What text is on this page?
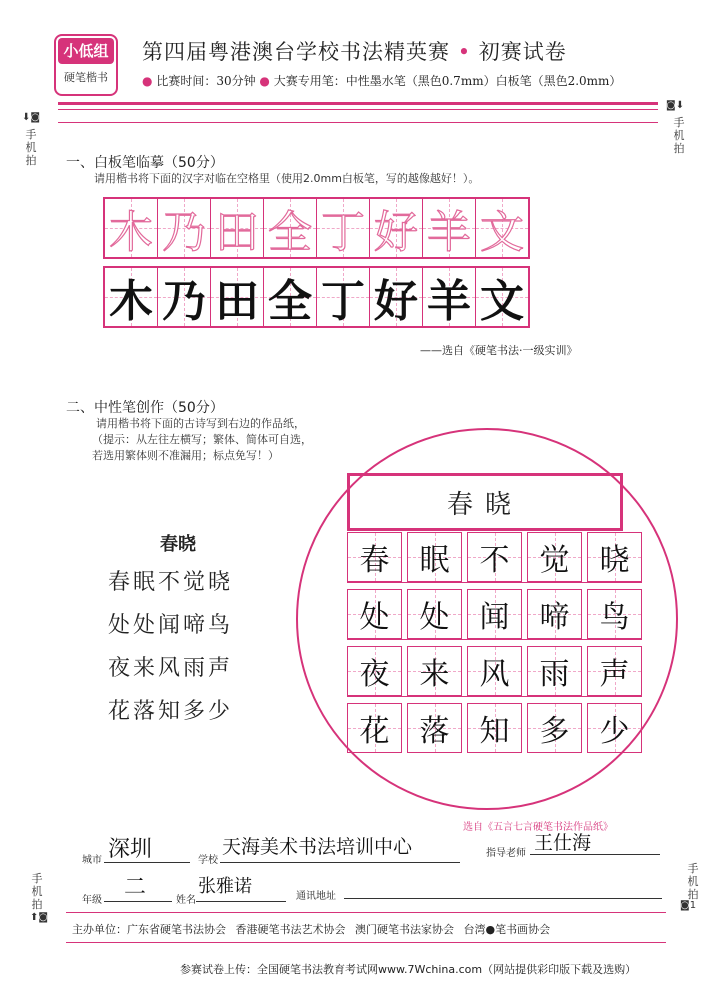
小低组
硬笔楷书
第四届粤港澳台学校书法精英赛 • 初赛试卷
● 比赛时间：30分钟 ● 大赛专用笔：中性墨水笔（黑色0.7mm）白板笔（黑色2.0mm）
⬇◙
手机拍
◙⬇
手机拍
手机拍
⬆◙
手机拍
◙1
一、白板笔临摹（50分）
请用楷书将下面的汉字对临在空格里（使用2.0mm白板笔，写的越像越好！）。
木 乃 田 全 丁 好 羊 文
木 乃 田 全 丁 好 羊 文
——选自《硬笔书法·一级实训》
二、中性笔创作（50分）
请用楷书将下面的古诗写到右边的作品纸，
（提示：从左往左横写；繁体、简体可自选，
若选用繁体则不准漏用；标点免写！）
春晓
春眠不觉晓
处处闻啼鸟
夜来风雨声
花落知多少
春晓
春 眠 不 觉 晓
处 处 闻 啼 鸟
夜 来 风 雨 声
花 落 知 多 少
选自《五言七言硬笔书法作品纸》
城市 深圳	学校
天海美术书法培训中心	指导老师 王仕海
年级
二
姓名
张雅诺	通讯地址
主办单位：广东省硬笔书法协会 香港硬笔书法艺术协会 澳门硬笔书法家协会 台湾●笔书画协会
参赛试卷上传：全国硬笔书法教育考试网www.7Wchina.com（网站提供彩印版下载及选购）
